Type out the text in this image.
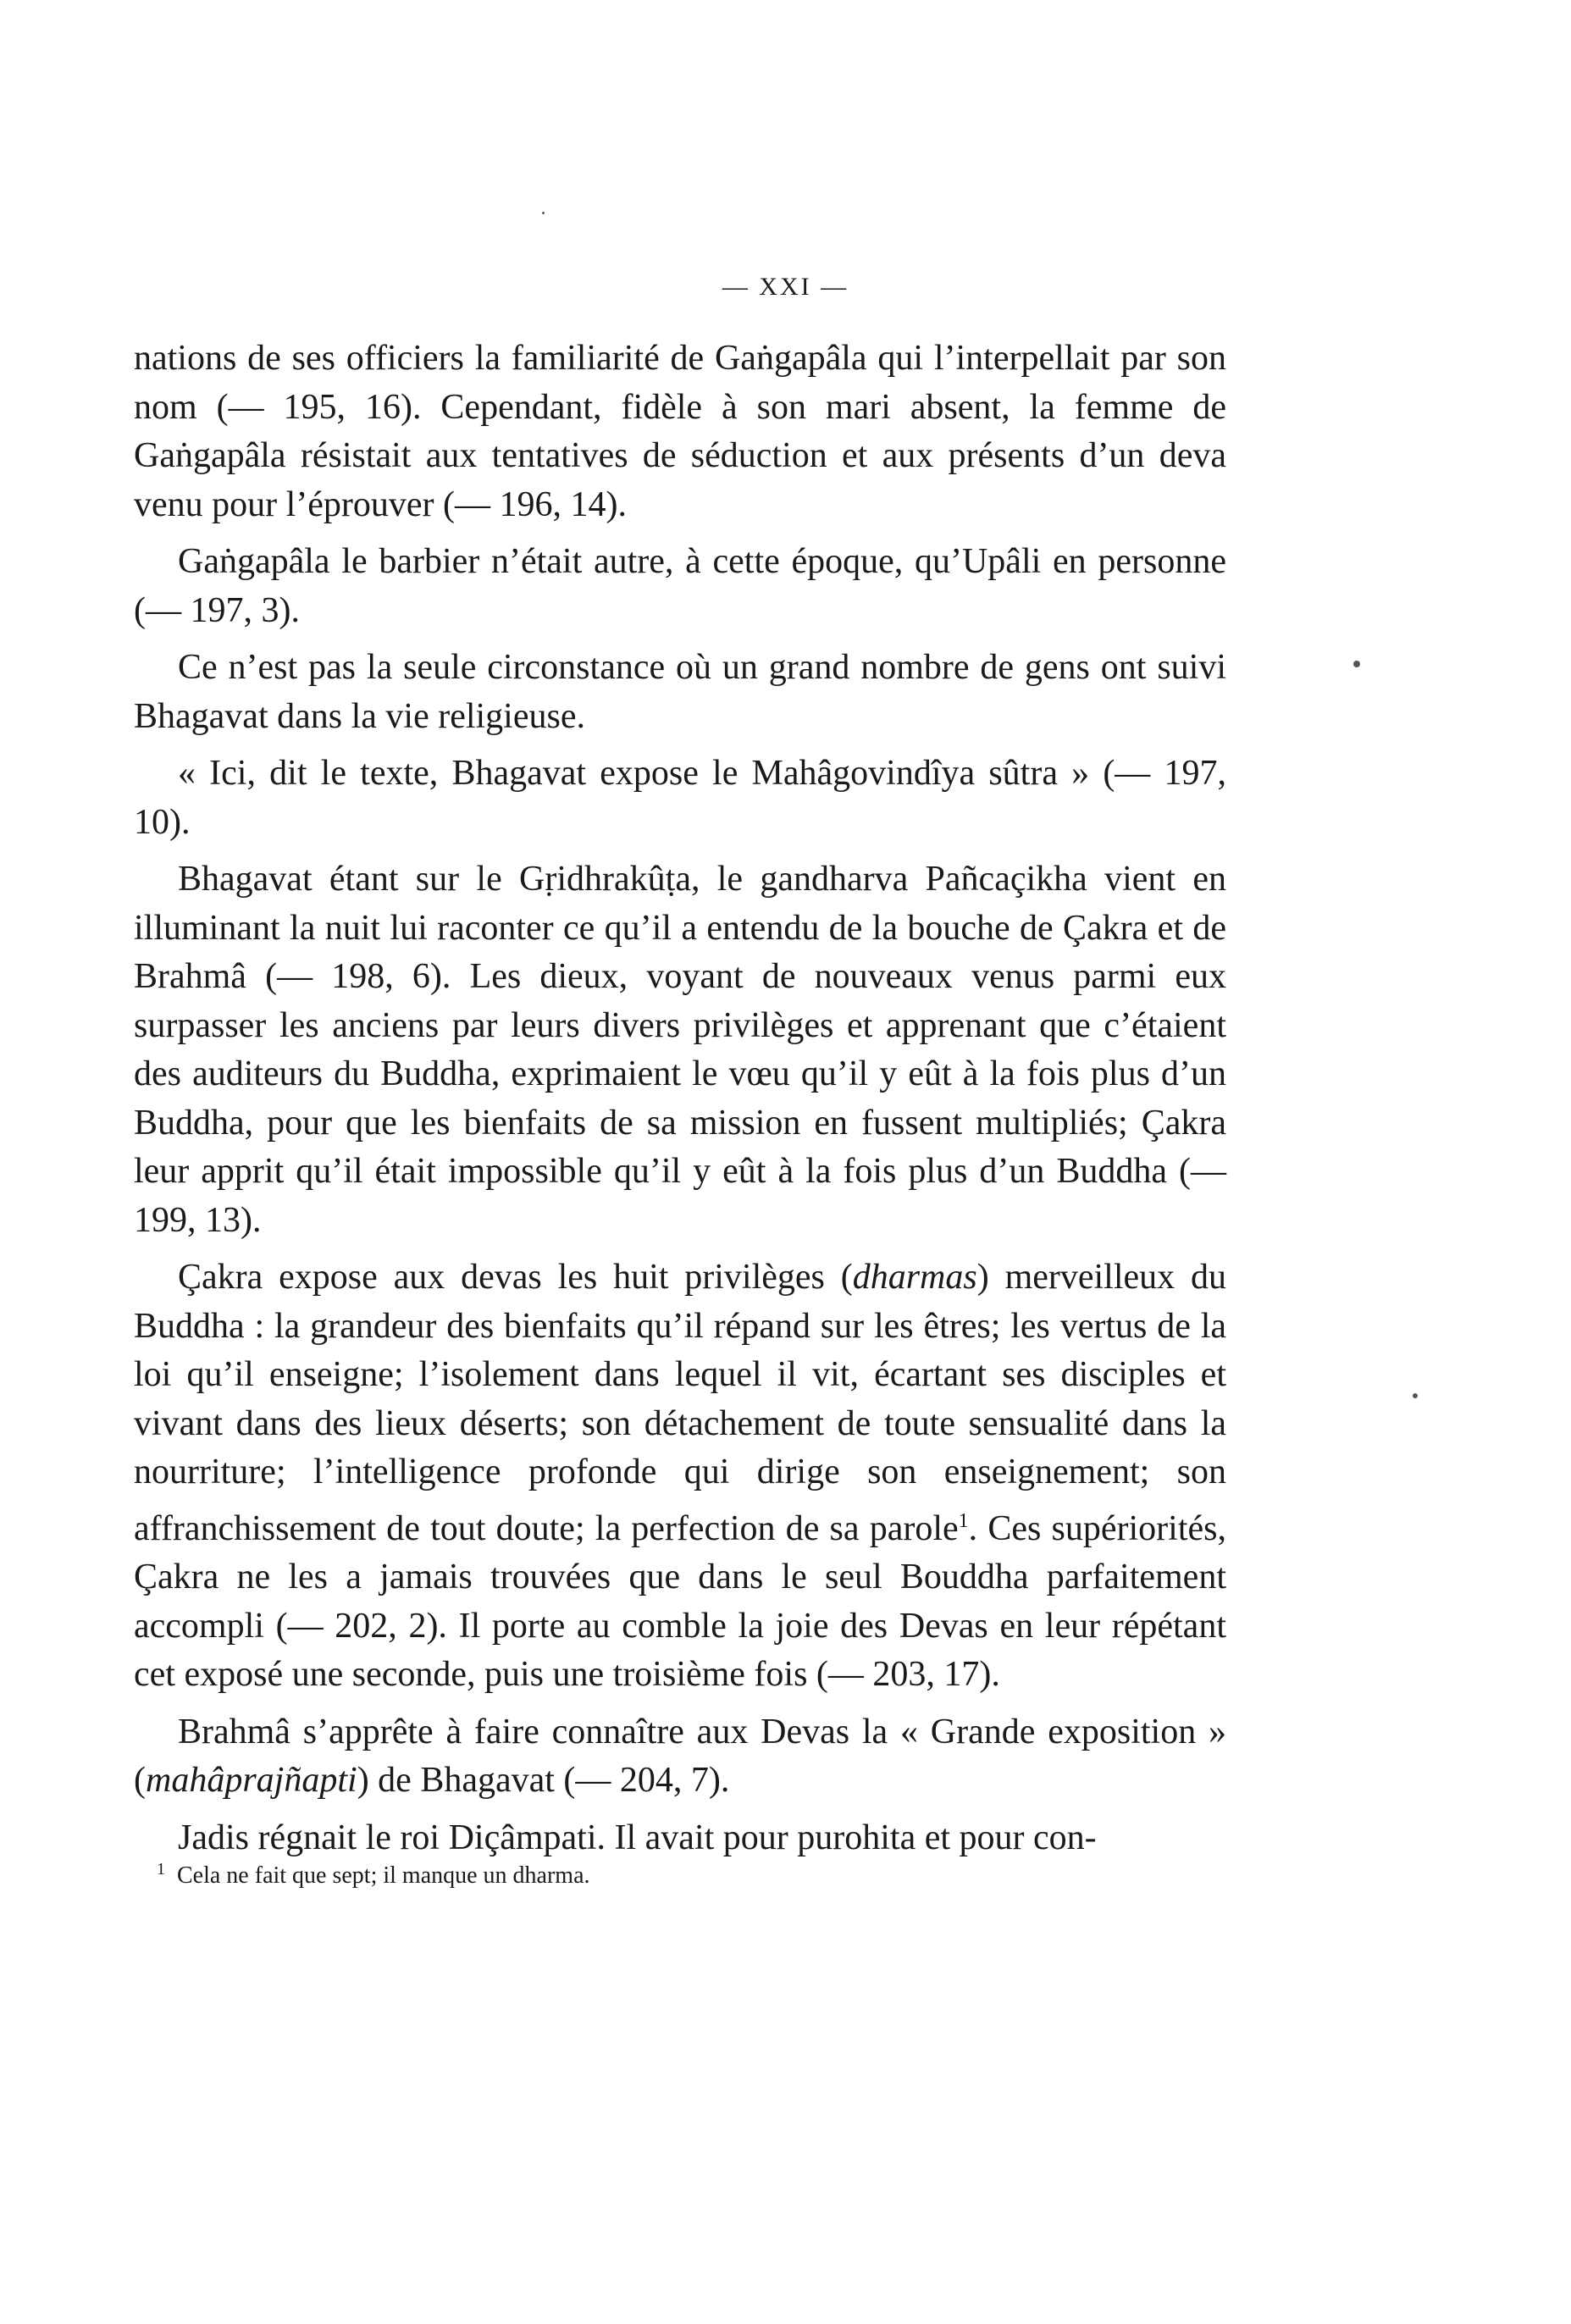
— XXI —

nations de ses officiers la familiarité de Gaṅgapâla qui l’interpellait par son nom (— 195, 16). Cependant, fidèle à son mari absent, la femme de Gaṅgapâla résistait aux tentatives de séduction et aux présents d’un deva venu pour l’éprouver (— 196, 14).

Gaṅgapâla le barbier n’était autre, à cette époque, qu’Upâli en personne (— 197, 3).

Ce n’est pas la seule circonstance où un grand nombre de gens ont suivi Bhagavat dans la vie religieuse.

« Ici, dit le texte, Bhagavat expose le Mahâgovindîya sûtra » (— 197, 10).

Bhagavat étant sur le Gṛidhrakûṭa, le gandharva Pañcaçikha vient en illuminant la nuit lui raconter ce qu’il a entendu de la bouche de Çakra et de Brahmâ (— 198, 6). Les dieux, voyant de nouveaux venus parmi eux surpasser les anciens par leurs divers privilèges et apprenant que c’étaient des auditeurs du Buddha, exprimaient le vœu qu’il y eût à la fois plus d’un Buddha, pour que les bienfaits de sa mission en fussent multipliés; Çakra leur apprit qu’il était impossible qu’il y eût à la fois plus d’un Buddha (— 199, 13).

Çakra expose aux devas les huit privilèges (dharmas) merveilleux du Buddha : la grandeur des bienfaits qu’il répand sur les êtres; les vertus de la loi qu’il enseigne; l’isolement dans lequel il vit, écartant ses disciples et vivant dans des lieux déserts; son détachement de toute sensualité dans la nourriture; l’intelligence profonde qui dirige son enseignement; son affranchissement de tout doute; la perfection de sa parole$^1$. Ces supériorités, Çakra ne les a jamais trouvées que dans le seul Bouddha parfaitement accompli (— 202, 2). Il porte au comble la joie des Devas en leur répétant cet exposé une seconde, puis une troisième fois (— 203, 17).

Brahmâ s’apprête à faire connaître aux Devas la « Grande exposition » (mahâprajñapti) de Bhagavat (— 204, 7).

Jadis régnait le roi Diçâmpati. Il avait pour purohita et pour con-

$^1$ Cela ne fait que sept; il manque un dharma.
